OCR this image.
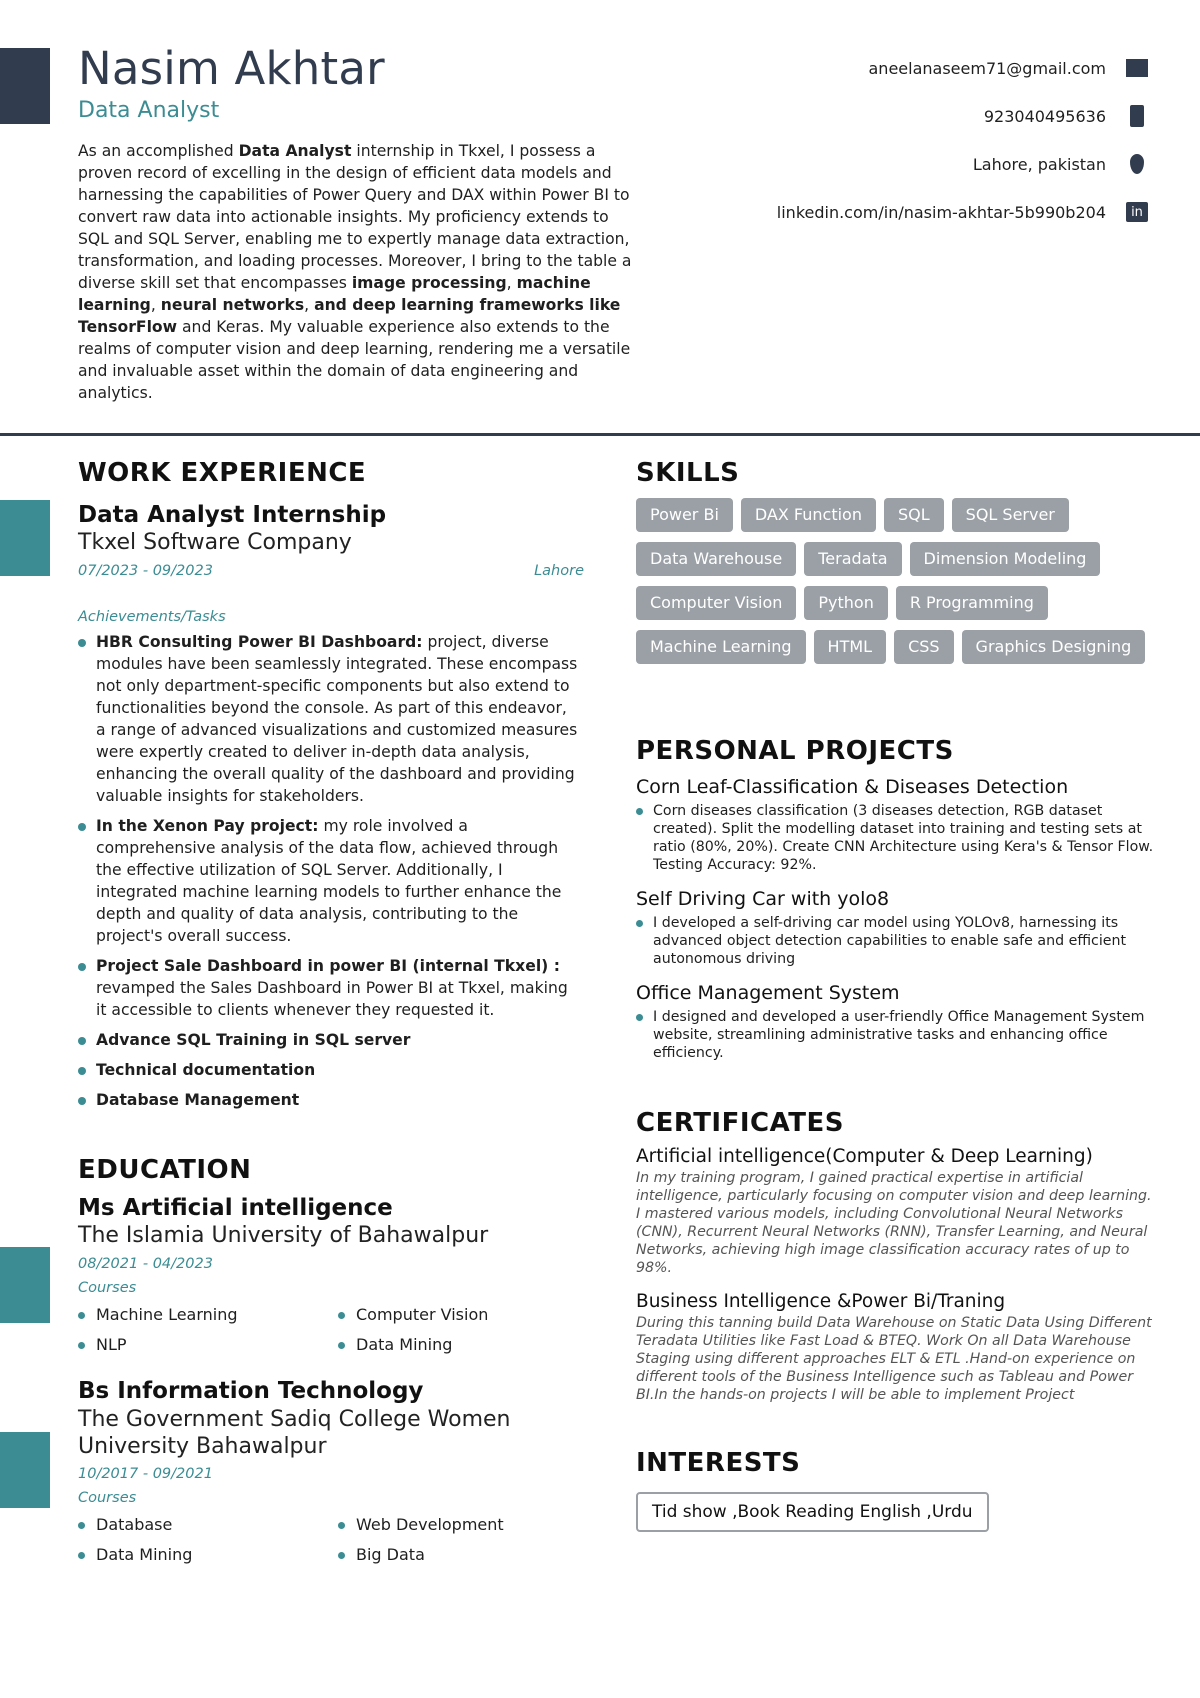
Nasim Akhtar
Data Analyst

As an accomplished Data Analyst internship in Tkxel, I possess a proven record of excelling in the design of efficient data models and harnessing the capabilities of Power Query and DAX within Power BI to convert raw data into actionable insights. My proficiency extends to SQL and SQL Server, enabling me to expertly manage data extraction, transformation, and loading processes. Moreover, I bring to the table a diverse skill set that encompasses image processing, machine learning, neural networks, and deep learning frameworks like TensorFlow and Keras. My valuable experience also extends to the realms of computer vision and deep learning, rendering me a versatile and invaluable asset within the domain of data engineering and analytics.

aneelanaseem71@gmail.com
923040495636
Lahore, pakistan
linkedin.com/in/nasim-akhtar-5b990b204	in
WORK EXPERIENCE
Data Analyst Internship
Tkxel Software Company
07/2023 - 09/2023	Lahore
Achievements/Tasks
HBR Consulting Power BI Dashboard: project, diverse modules have been seamlessly integrated. These encompass not only department-specific components but also extend to functionalities beyond the console. As part of this endeavor, a range of advanced visualizations and customized measures were expertly created to deliver in-depth data analysis, enhancing the overall quality of the dashboard and providing valuable insights for stakeholders.
In the Xenon Pay project: my role involved a comprehensive analysis of the data flow, achieved through the effective utilization of SQL Server. Additionally, I integrated machine learning models to further enhance the depth and quality of data analysis, contributing to the project's overall success.
Project Sale Dashboard in power BI (internal Tkxel) : revamped the Sales Dashboard in Power BI at Tkxel, making it accessible to clients whenever they requested it.
Advance SQL Training in SQL server
Technical documentation
Database Management
EDUCATION
Ms Artificial intelligence
The Islamia University of Bahawalpur
08/2021 - 04/2023
Courses
Machine Learning	Computer Vision
NLP	Data Mining
Bs Information Technology
The Government Sadiq College Women University Bahawalpur
10/2017 - 09/2021
Courses
Database	Web Development
Data Mining	Big Data
SKILLS
Power Bi	DAX Function	SQL	SQL Server
Data Warehouse	Teradata	Dimension Modeling
Computer Vision	Python	R Programming
Machine Learning	HTML	CSS	Graphics Designing
PERSONAL PROJECTS
Corn Leaf-Classification & Diseases Detection
Corn diseases classification (3 diseases detection, RGB dataset created). Split the modelling dataset into training and testing sets at ratio (80%, 20%). Create CNN Architecture using Kera's & Tensor Flow. Testing Accuracy: 92%.
Self Driving Car with yolo8
I developed a self-driving car model using YOLOv8, harnessing its advanced object detection capabilities to enable safe and efficient autonomous driving
Office Management System
I designed and developed a user-friendly Office Management System website, streamlining administrative tasks and enhancing office efficiency.
CERTIFICATES
Artificial intelligence(Computer & Deep Learning)
In my training program, I gained practical expertise in artificial intelligence, particularly focusing on computer vision and deep learning. I mastered various models, including Convolutional Neural Networks (CNN), Recurrent Neural Networks (RNN), Transfer Learning, and Neural Networks, achieving high image classification accuracy rates of up to 98%.
Business Intelligence &Power Bi/Traning
During this tanning build Data Warehouse on Static Data Using Different Teradata Utilities like Fast Load & BTEQ. Work On all Data Warehouse Staging using different approaches ELT & ETL .Hand-on experience on different tools of the Business Intelligence such as Tableau and Power BI.In the hands-on projects I will be able to implement Project
INTERESTS
Tid show ,Book Reading English ,Urdu
